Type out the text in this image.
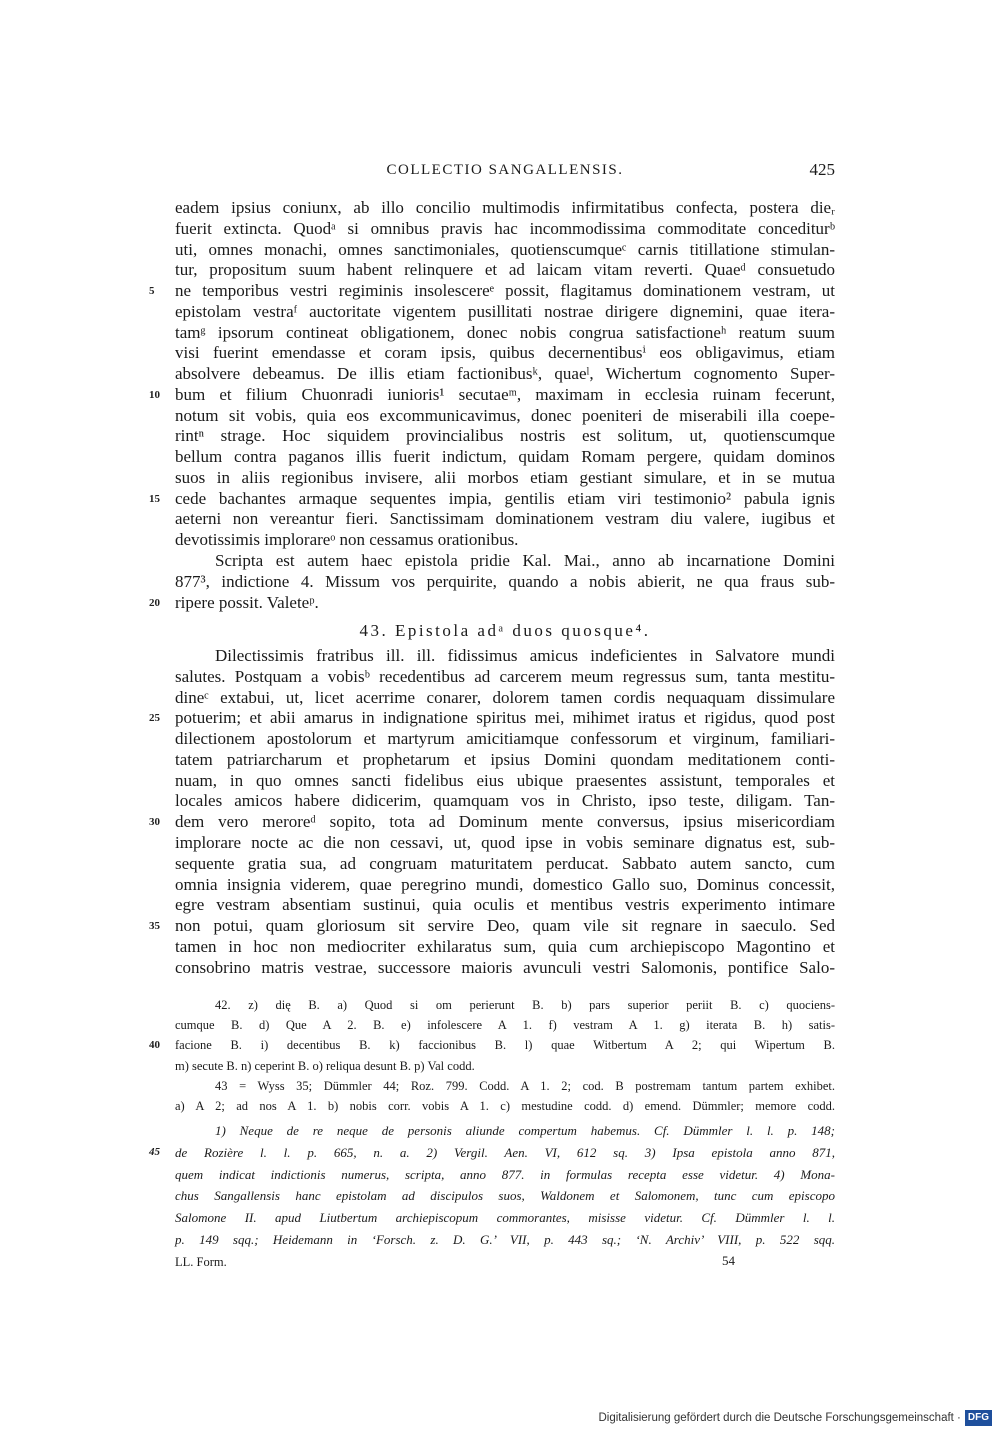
COLLECTIO SANGALLENSIS.	425
eadem ipsius coniunx, ab illo concilio multimodis infirmitatibus confecta, postera dieᵣ
fuerit extincta. Quodᵃ si omnibus pravis hac incommodissima commoditate concediturᵇ
uti, omnes monachi, omnes sanctimoniales, quotienscumqueᶜ carnis titillatione stimulan-
tur, propositum suum habent relinquere et ad laicam vitam reverti. Quaeᵈ consuetudo
5	ne temporibus vestri regiminis insolescereᵉ possit, flagitamus dominationem vestram, ut
epistolam vestraᶠ auctoritate vigentem pusillitati nostrae dirigere dignemini, quae itera-
tamᵍ ipsorum contineat obligationem, donec nobis congrua satisfactioneʰ reatum suum
visi fuerint emendasse et coram ipsis, quibus decernentibusⁱ eos obligavimus, etiam
absolvere debeamus. De illis etiam factionibusᵏ, quaeˡ, Wichertum cognomento Super-
10 bum et filium Chuonradi iunioris¹ secutaeᵐ, maximam in ecclesia ruinam fecerunt,
notum sit vobis, quia eos excommunicavimus, donec poeniteri de miserabili illa coepe-
rintⁿ strage. Hoc siquidem provincialibus nostris est solitum, ut, quotienscumque
bellum contra paganos illis fuerit indictum, quidam Romam pergere, quidam dominos
suos in aliis regionibus invisere, alii morbos etiam gestiant simulare, et in se mutua
15 cede bachantes armaque sequentes impia, gentilis etiam viri testimonio² pabula ignis
aeterni non vereantur fieri. Sanctissimam dominationem vestram diu valere, iugibus et
devotissimis implorareᵒ non cessamus orationibus.
Scripta est autem haec epistola pridie Kal. Mai., anno ab incarnatione Domini
877³, indictione 4. Missum vos perquirite, quando a nobis abierit, ne qua fraus sub-
20 ripere possit. Valeteᵖ.
43. Epistola adᵃ duos quosque⁴.
Dilectissimis fratribus ill. ill. fidissimus amicus indeficientes in Salvatore mundi
salutes. Postquam a vobisᵇ recedentibus ad carcerem meum regressus sum, tanta mestitu-
dineᶜ extabui, ut, licet acerrime conarer, dolorem tamen cordis nequaquam dissimulare
25 potuerim; et abii amarus in indignatione spiritus mei, mihimet iratus et rigidus, quod post
dilectionem apostolorum et martyrum amicitiamque confessorum et virginum, familiari-
tatem patriarcharum et prophetarum et ipsius Domini quondam meditationem conti-
nuam, in quo omnes sancti fidelibus eius ubique praesentes assistunt, temporales et
locales amicos habere didicerim, quamquam vos in Christo, ipso teste, diligam. Tan-
30 dem vero meroreᵈ sopito, tota ad Dominum mente conversus, ipsius misericordiam
implorare nocte ac die non cessavi, ut, quod ipse in vobis seminare dignatus est, sub-
sequente gratia sua, ad congruam maturitatem perducat. Sabbato autem sancto, cum
omnia insignia viderem, quae peregrino mundi, domestico Gallo suo, Dominus concessit,
egre vestram absentiam sustinui, quia oculis et mentibus vestris experimento intimare
35 non potui, quam gloriosum sit servire Deo, quam vile sit regnare in saeculo. Sed
tamen in hoc non mediocriter exhilaratus sum, quia cum archiepiscopo Magontino et
consobrino matris vestrae, successore maioris avunculi vestri Salomonis, pontifice Salo-
42. z) dię B. a) Quod si om perierunt B. b) pars superior periit B. c) quociens-
cumque B. d) Que A 2. B. e) infolescere A 1. f) vestram A 1. g) iterata B. h) satis-
40	facione B. i) decentibus B. k) faccionibus B. l) quae Witbertum A 2; qui Wipertum B.
m) secute B. n) ceperint B. o) reliqua desunt B. p) Val codd.
43 = Wyss 35; Dümmler 44; Roz. 799. Codd. A 1. 2; cod. B postremam tantum partem exhibet.
a) A 2; ad nos A 1. b) nobis corr. vobis A 1. c) mestudine codd. d) emend. Dümmler; memore codd.
1) Neque de re neque de personis aliunde compertum habemus. Cf. Dümmler l. l. p. 148;
45	de Rozière l. l. p. 665, n. a. 2) Vergil. Aen. VI, 612 sq. 3) Ipsa epistola anno 871,
quem indicat indictionis numerus, scripta, anno 877. in formulas recepta esse videtur. 4) Mona-
chus Sangallensis hanc epistolam ad discipulos suos, Waldonem et Salomonem, tunc cum episcopo
Salomone II. apud Liutbertum archiepiscopum commorantes, misisse videtur. Cf. Dümmler l. l.
p. 149 sqq.; Heidemann in ‘Forsch. z. D. G.’ VII, p. 443 sq.; ‘N. Archiv’ VIII, p. 522 sqq.
LL. Form.	54
Digitalisierung gefördert durch die Deutsche Forschungsgemeinschaft · DFG
